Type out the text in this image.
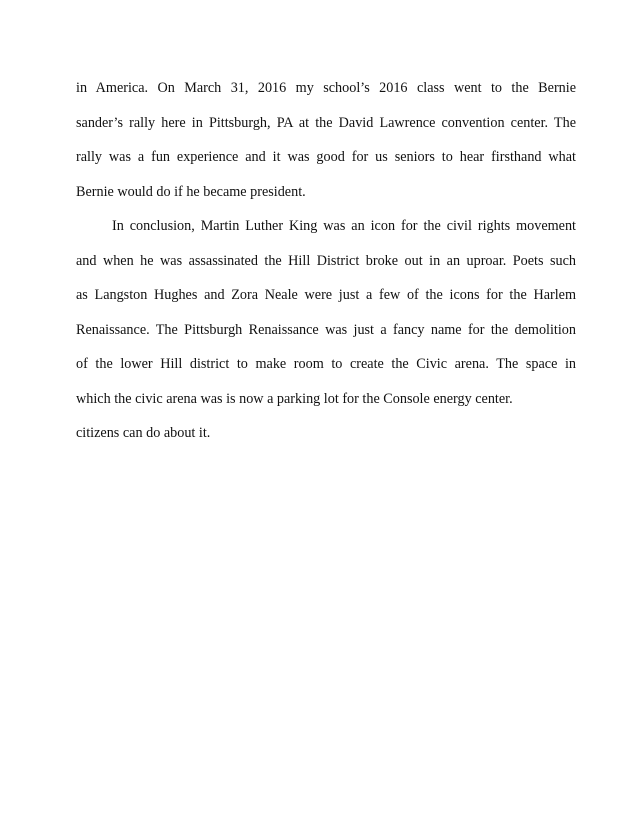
in America. On March 31, 2016 my school’s 2016 class went to the Bernie
sander’s rally here in Pittsburgh, PA at the David Lawrence convention center. The
rally was a fun experience and it was good for us seniors to hear firsthand what
Bernie would do if he became president.
In conclusion, Martin Luther King was an icon for the civil rights movement
and when he was assassinated the Hill District broke out in an uproar. Poets such
as Langston Hughes and Zora Neale were just a few of the icons for the Harlem
Renaissance. The Pittsburgh Renaissance was just a fancy name for the demolition
of the lower Hill district to make room to create the Civic arena. The space in
which the civic arena was is now a parking lot for the Console energy center.
citizens can do about it.
